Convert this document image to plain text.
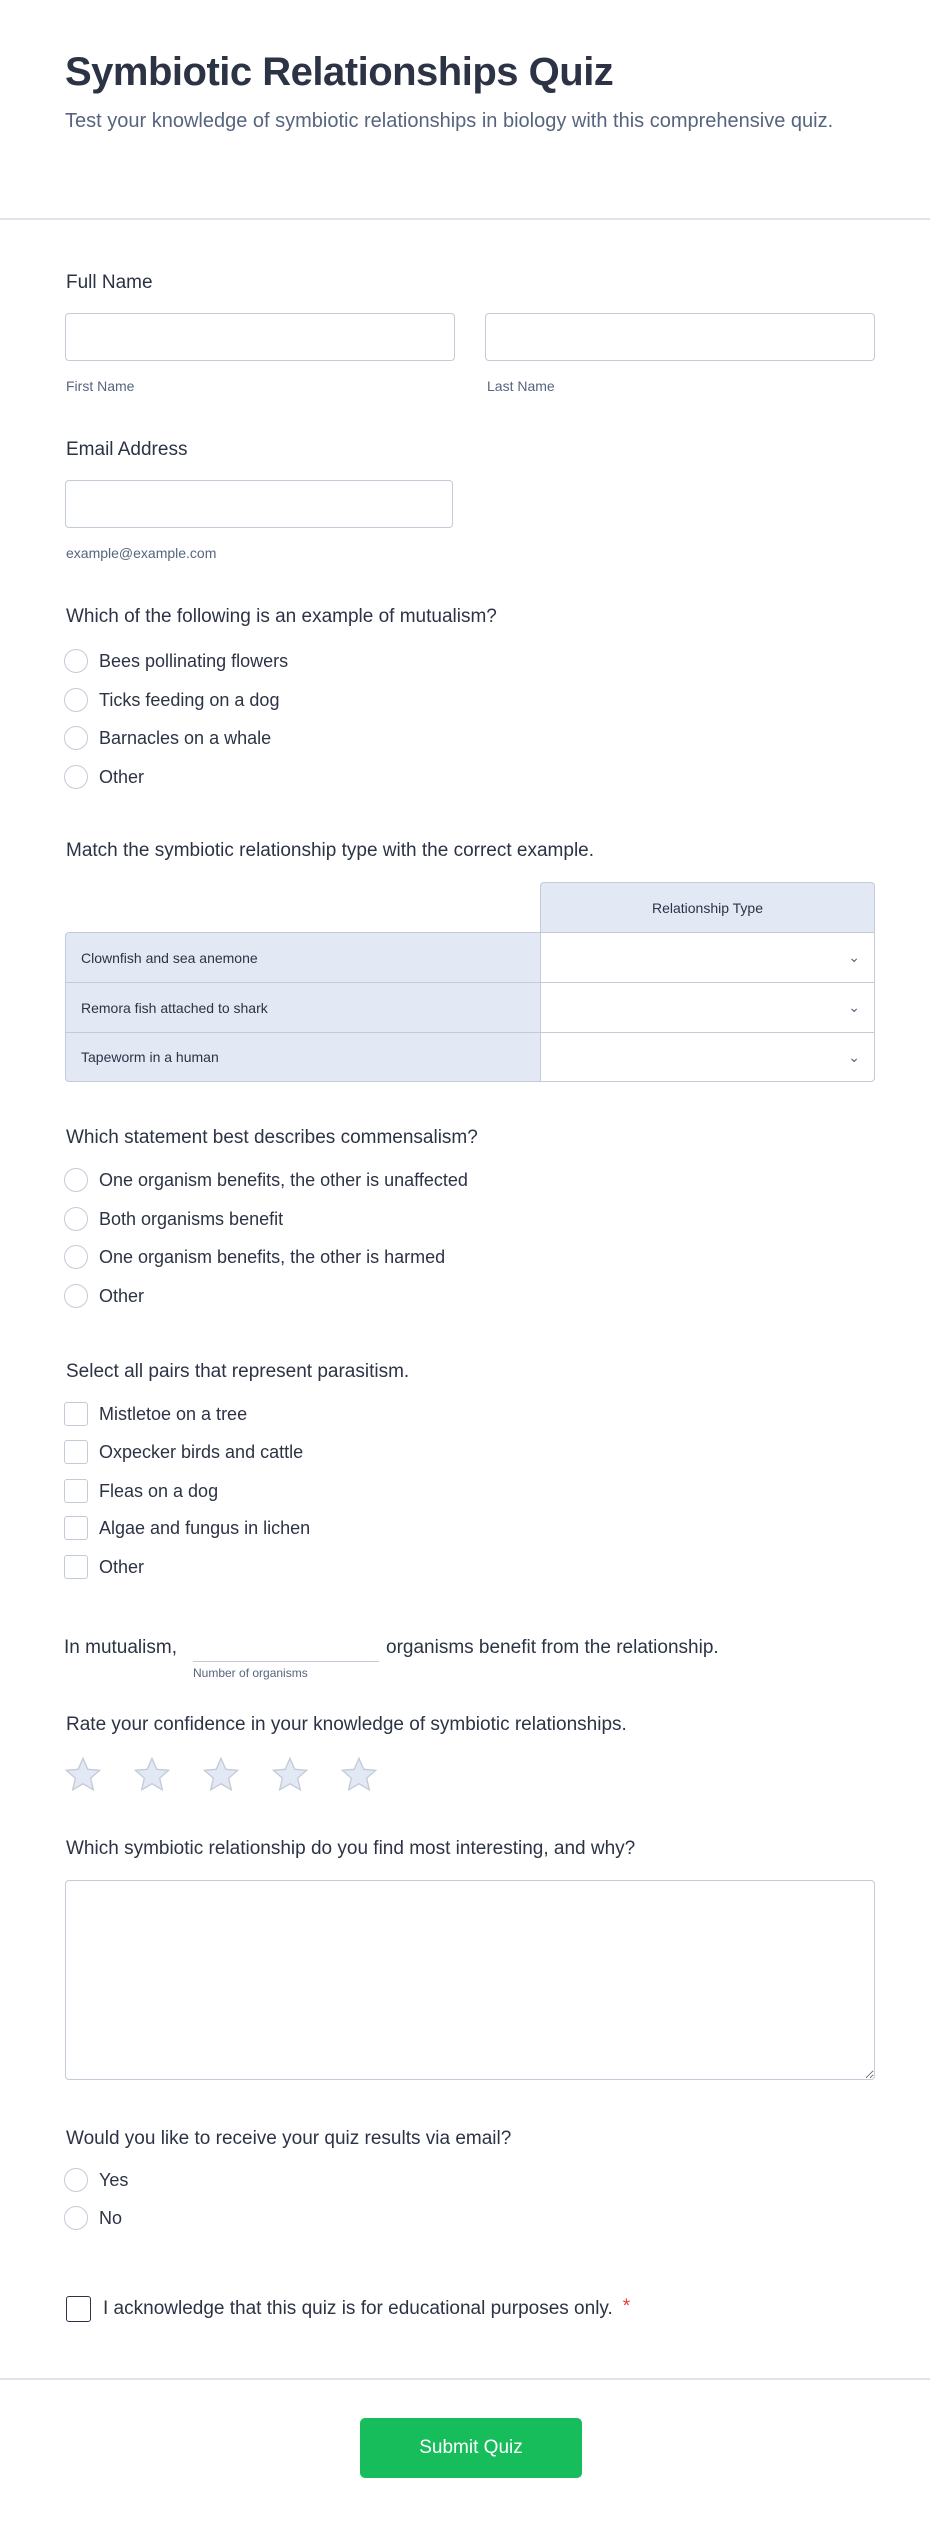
Symbiotic Relationships Quiz
Test your knowledge of symbiotic relationships in biology with this comprehensive quiz.
Full Name
First Name	Last Name
Email Address
example@example.com
Which of the following is an example of mutualism?
Bees pollinating flowers
Ticks feeding on a dog
Barnacles on a whale
Other
Match the symbiotic relationship type with the correct example.
	Relationship Type
Clownfish and sea anemone	⌄
Remora fish attached to shark	⌄
Tapeworm in a human	⌄
Which statement best describes commensalism?
One organism benefits, the other is unaffected
Both organisms benefit
One organism benefits, the other is harmed
Other
Select all pairs that represent parasitism.
Mistletoe on a tree
Oxpecker birds and cattle
Fleas on a dog
Algae and fungus in lichen
Other
In mutualism,	organisms benefit from the relationship.
Number of organisms
Rate your confidence in your knowledge of symbiotic relationships.
Which symbiotic relationship do you find most interesting, and why?
Would you like to receive your quiz results via email?
Yes
No
I acknowledge that this quiz is for educational purposes only. *
Submit Quiz
